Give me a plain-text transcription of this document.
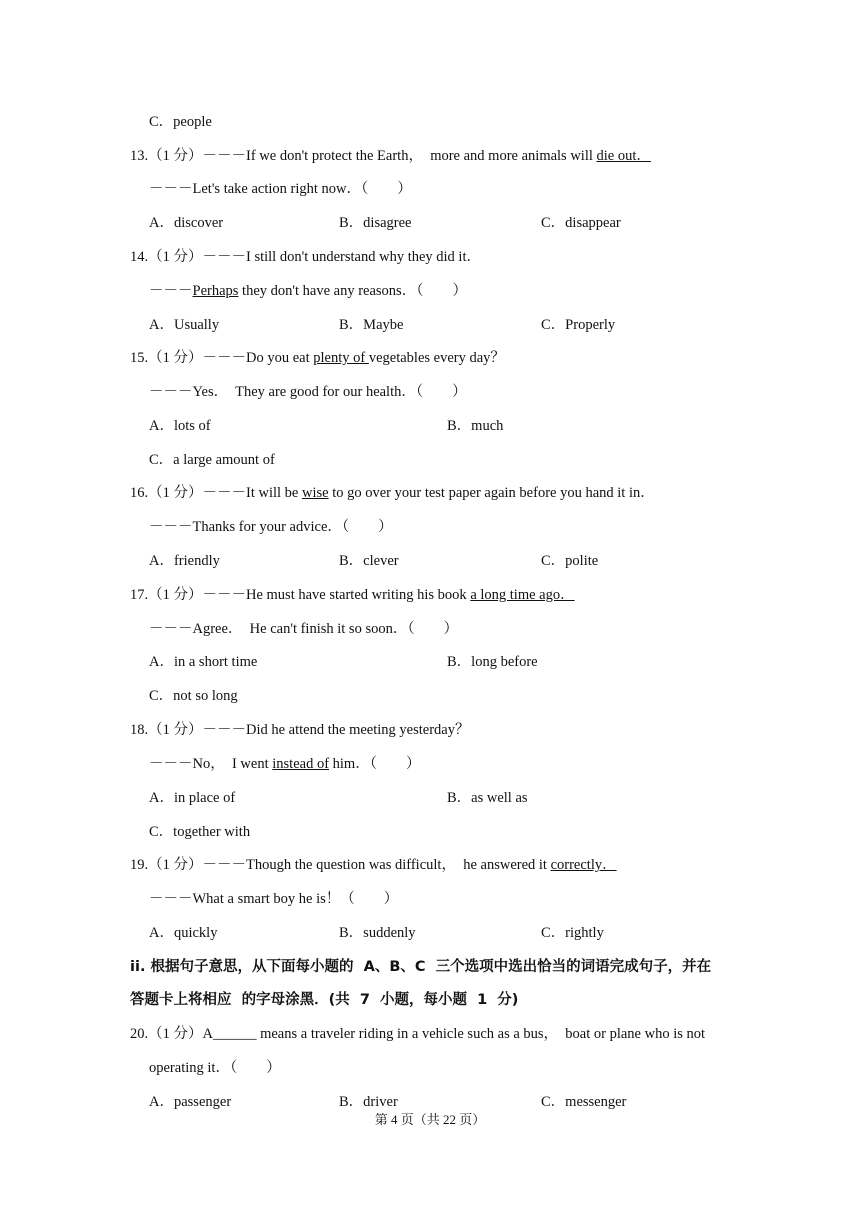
C．people
13.（1 分）－－－If we don't protect the Earth，  more and more animals will die out．
－－－Let's take action right now．（　　）
A．discover	B．disagree	C．disappear
14.（1 分）－－－I still don't understand why they did it．
－－－Perhaps they don't have any reasons．（　　）
A．Usually	B．Maybe	C．Properly
15.（1 分）－－－Do you eat plenty of vegetables every day？
－－－Yes．  They are good for our health．（　　）
A．lots of	B．much
C．a large amount of
16.（1 分）－－－It will be wise to go over your test paper again before you hand it in．
－－－Thanks for your advice．（　　）
A．friendly	B．clever	C．polite
17.（1 分）－－－He must have started writing his book a long time ago．
－－－Agree．  He can't finish it so soon．（　　）
A．in a short time	B．long before
C．not so long
18.（1 分）－－－Did he attend the meeting yesterday？
－－－No，  I went instead of him．（　　）
A．in place of	B．as well as
C．together with
19.（1 分）－－－Though the question was difficult，  he answered it correctly．
－－－What a smart boy he is！（　　）
A．quickly	B．suddenly	C．rightly
ii. 根据句子意思，从下面每小题的  A、B、C  三个选项中选出恰当的词语完成句子，并在
答题卡上将相应  的字母涂黑．(共  7  小题，每小题  1  分)
20.（1 分）A______ means a traveler riding in a vehicle such as a bus，  boat or plane who is not
operating it．（　　）
A．passenger	B．driver	C．messenger
第 4 页（共 22 页）
